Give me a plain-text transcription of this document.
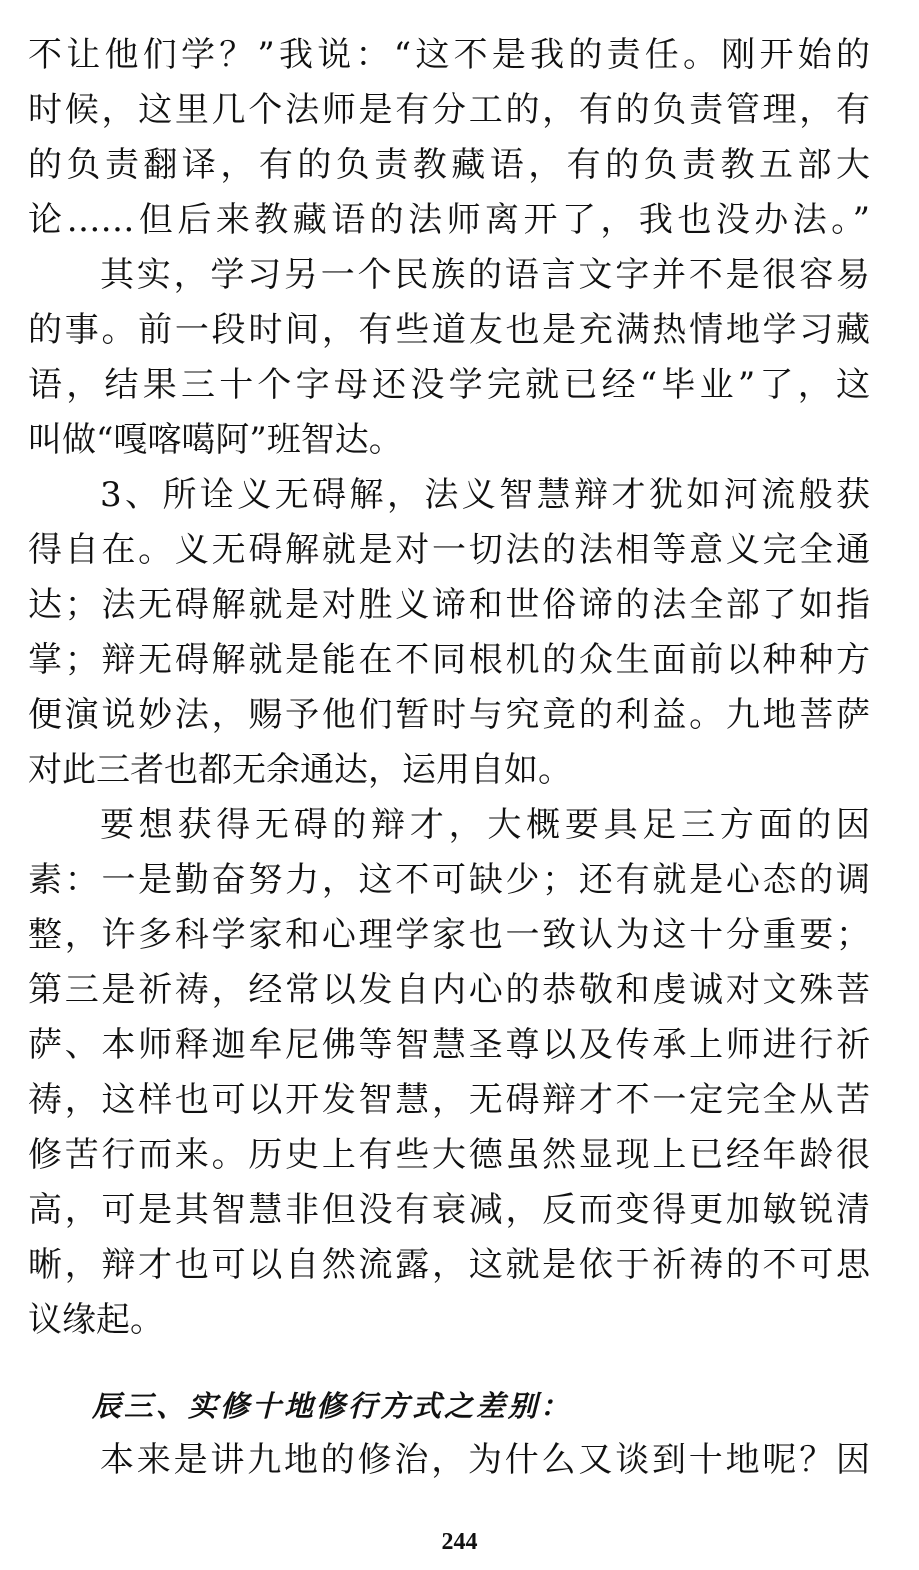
不让他们学？”我说：“这不是我的责任。刚开始的
时候，这里几个法师是有分工的，有的负责管理，有
的负责翻译，有的负责教藏语，有的负责教五部大
论……但后来教藏语的法师离开了，我也没办法。”
其实，学习另一个民族的语言文字并不是很容易
的事。前一段时间，有些道友也是充满热情地学习藏
语，结果三十个字母还没学完就已经“毕业”了，这
叫做“嘎喀噶阿”班智达。
3、所诠义无碍解，法义智慧辩才犹如河流般获
得自在。义无碍解就是对一切法的法相等意义完全通
达；法无碍解就是对胜义谛和世俗谛的法全部了如指
掌；辩无碍解就是能在不同根机的众生面前以种种方
便演说妙法，赐予他们暂时与究竟的利益。九地菩萨
对此三者也都无余通达，运用自如。
要想获得无碍的辩才，大概要具足三方面的因
素：一是勤奋努力，这不可缺少；还有就是心态的调
整，许多科学家和心理学家也一致认为这十分重要；
第三是祈祷，经常以发自内心的恭敬和虔诚对文殊菩
萨、本师释迦牟尼佛等智慧圣尊以及传承上师进行祈
祷，这样也可以开发智慧，无碍辩才不一定完全从苦
修苦行而来。历史上有些大德虽然显现上已经年龄很
高，可是其智慧非但没有衰减，反而变得更加敏锐清
晰，辩才也可以自然流露，这就是依于祈祷的不可思
议缘起。
辰三、实修十地修行方式之差别：
本来是讲九地的修治，为什么又谈到十地呢？因
244
